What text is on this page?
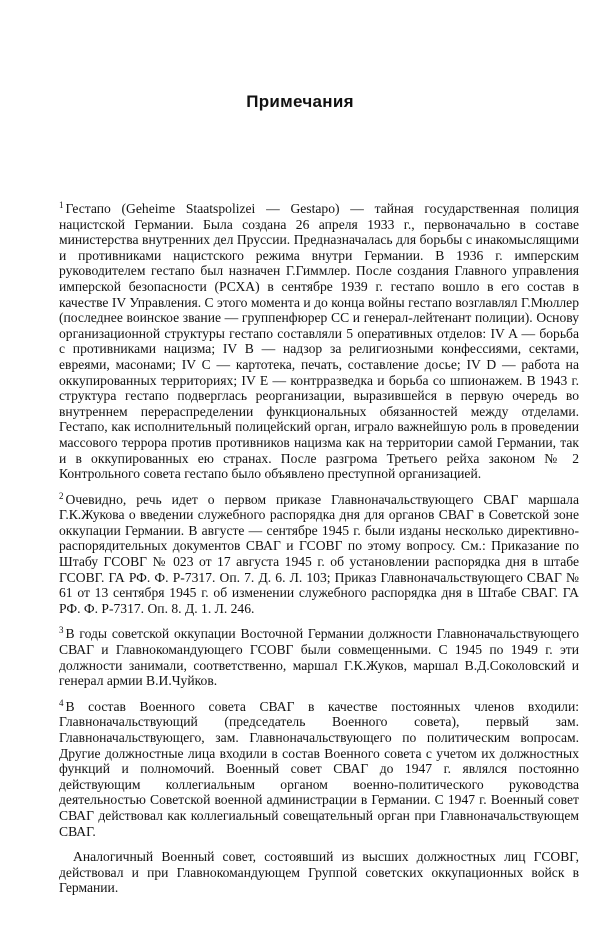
Примечания

$^1$ Гестапо (Geheime Staatspolizei — Gestapo) — тайная государственная полиция нацистской Германии. Была создана 26 апреля 1933 г., первоначально в составе министерства внутренних дел Пруссии. Предназначалась для борьбы с инакомыслящими и противниками нацистского режима внутри Германии. В 1936 г. имперским руководителем гестапо был назначен Г.Гиммлер. После создания Главного управления имперской безопасности (РСХА) в сентябре 1939 г. гестапо вошло в его состав в качестве IV Управления. С этого момента и до конца войны гестапо возглавлял Г.Мюллер (последнее воинское звание — группенфюрер СС и генерал-лейтенант полиции). Основу организационной структуры гестапо составляли 5 оперативных отделов: IV A — борьба с противниками нацизма; IV B — надзор за религиозными конфессиями, сектами, евреями, масонами; IV C — картотека, печать, составление досье; IV D — работа на оккупированных территориях; IV E — контрразведка и борьба со шпионажем. В 1943 г. структура гестапо подверглась реорганизации, выразившейся в первую очередь во внутреннем перераспределении функциональных обязанностей между отделами. Гестапо, как исполнительный полицейский орган, играло важнейшую роль в проведении массового террора против противников нацизма как на территории самой Германии, так и в оккупированных ею странах. После разгрома Третьего рейха законом № 2 Контрольного совета гестапо было объявлено преступной организацией.

$^2$ Очевидно, речь идет о первом приказе Главноначальствующего СВАГ маршала Г.К.Жукова о введении служебного распорядка дня для органов СВАГ в Советской зоне оккупации Германии. В августе — сентябре 1945 г. были изданы несколько директивно-распорядительных документов СВАГ и ГСОВГ по этому вопросу. См.: Приказание по Штабу ГСОВГ № 023 от 17 августа 1945 г. об установлении распорядка дня в штабе ГСОВГ. ГА РФ. Ф. Р-7317. Оп. 7. Д. 6. Л. 103; Приказ Главноначальствующего СВАГ № 61 от 13 сентября 1945 г. об изменении служебного распорядка дня в Штабе СВАГ. ГА РФ. Ф. Р-7317. Оп. 8. Д. 1. Л. 246.

$^3$ В годы советской оккупации Восточной Германии должности Главноначальствующего СВАГ и Главнокомандующего ГСОВГ были совмещенными. С 1945 по 1949 г. эти должности занимали, соответственно, маршал Г.К.Жуков, маршал В.Д.Соколовский и генерал армии В.И.Чуйков.

$^4$ В состав Военного совета СВАГ в качестве постоянных членов входили: Главноначальствующий (председатель Военного совета), первый зам. Главноначальствующего, зам. Главноначальствующего по политическим вопросам. Другие должностные лица входили в состав Военного совета с учетом их должностных функций и полномочий. Военный совет СВАГ до 1947 г. являлся постоянно действующим коллегиальным органом военно-политического руководства деятельностью Советской военной администрации в Германии. С 1947 г. Военный совет СВАГ действовал как коллегиальный совещательный орган при Главноначальствующем СВАГ.

Аналогичный Военный совет, состоявший из высших должностных лиц ГСОВГ, действовал и при Главнокомандующем Группой советских оккупационных войск в Германии.
